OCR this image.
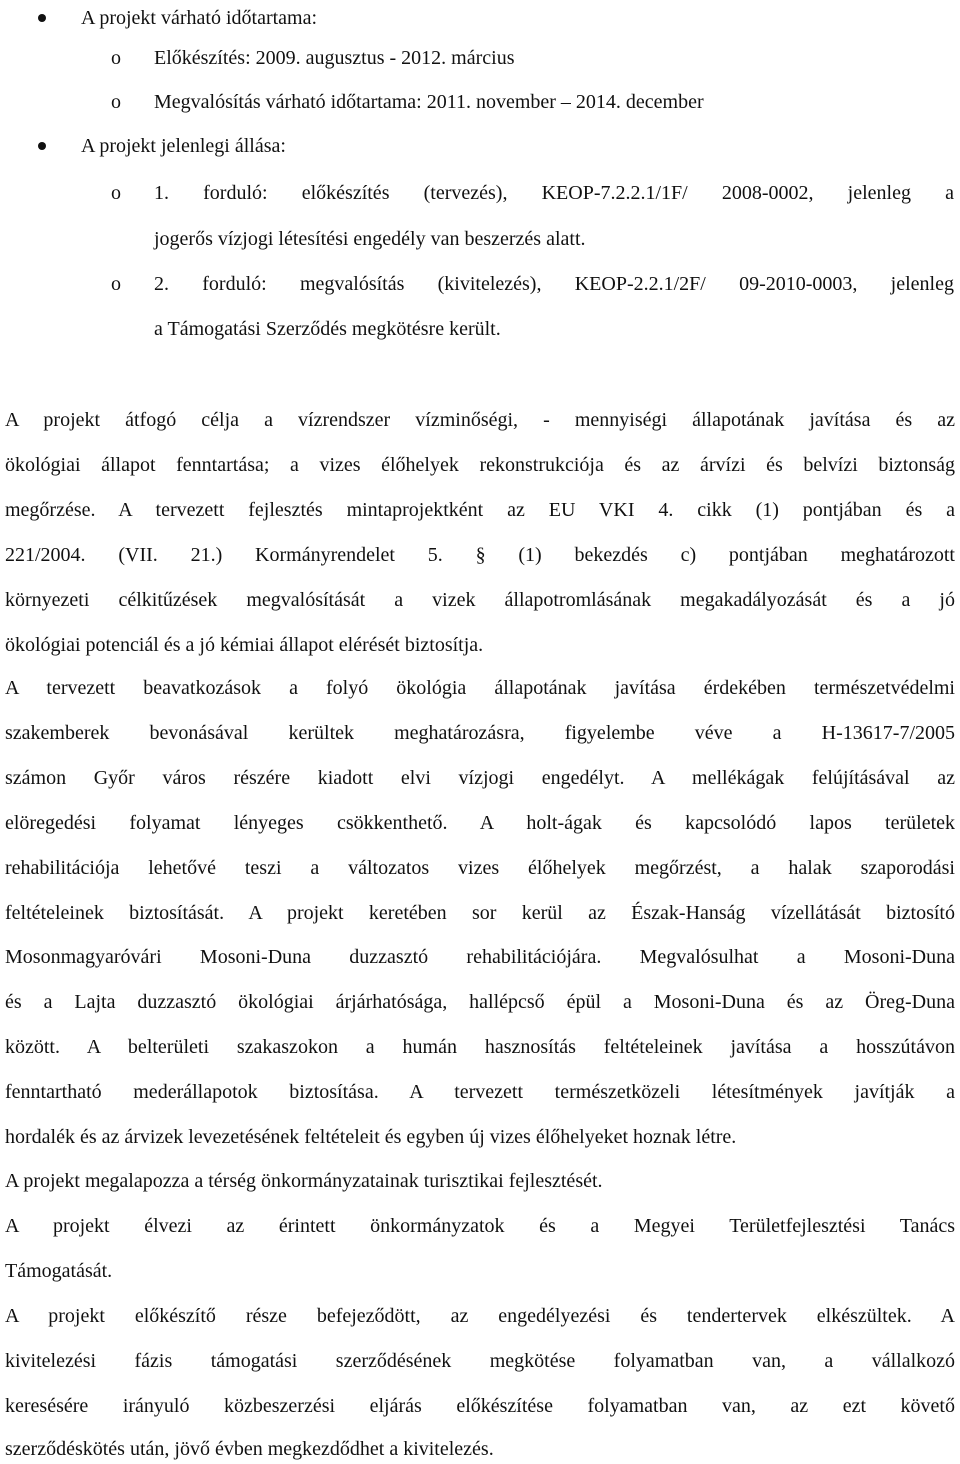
A projekt várható időtartama:
o Előkészítés: 2009. augusztus - 2012. március
o Megvalósítás várható időtartama: 2011. november – 2014. december
A projekt jelenlegi állása:
o 1. forduló: előkészítés (tervezés), KEOP-7.2.2.1/1F/ 2008-0002, jelenleg a
jogerős vízjogi létesítési engedély van beszerzés alatt.
o 2. forduló: megvalósítás (kivitelezés), KEOP-2.2.1/2F/ 09-2010-0003, jelenleg
a Támogatási Szerződés megkötésre került.
A projekt átfogó célja a vízrendszer vízminőségi, - mennyiségi állapotának javítása és az
ökológiai állapot fenntartása; a vizes élőhelyek rekonstrukciója és az árvízi és belvízi biztonság
megőrzése. A tervezett fejlesztés mintaprojektként az EU VKI 4. cikk (1) pontjában és a
221/2004. (VII. 21.) Kormányrendelet 5. § (1) bekezdés c) pontjában meghatározott
környezeti célkitűzések megvalósítását a vizek állapotromlásának megakadályozását és a jó
ökológiai potenciál és a jó kémiai állapot elérését biztosítja.
A tervezett beavatkozások a folyó ökológia állapotának javítása érdekében természetvédelmi
szakemberek bevonásával kerültek meghatározásra, figyelembe véve a H-13617-7/2005
számon Győr város részére kiadott elvi vízjogi engedélyt. A mellékágak felújításával az
elöregedési folyamat lényeges csökkenthető. A holt-ágak és kapcsolódó lapos területek
rehabilitációja lehetővé teszi a változatos vizes élőhelyek megőrzést, a halak szaporodási
feltételeinek biztosítását. A projekt keretében sor kerül az Észak-Hanság vízellátását biztosító
Mosonmagyaróvári Mosoni-Duna duzzasztó rehabilitációjára. Megvalósulhat a Mosoni-Duna
és a Lajta duzzasztó ökológiai árjárhatósága, hallépcső épül a Mosoni-Duna és az Öreg-Duna
között. A belterületi szakaszokon a humán hasznosítás feltételeinek javítása a hosszútávon
fenntartható mederállapotok biztosítása. A tervezett természetközeli létesítmények javítják a
hordalék és az árvizek levezetésének feltételeit és egyben új vizes élőhelyeket hoznak létre.
A projekt megalapozza a térség önkormányzatainak turisztikai fejlesztését.
A projekt élvezi az érintett önkormányzatok és a Megyei Területfejlesztési Tanács
Támogatását.
A projekt előkészítő része befejeződött, az engedélyezési és tendertervek elkészültek. A
kivitelezési fázis támogatási szerződésének megkötése folyamatban van, a vállalkozó
keresésére irányuló közbeszerzési eljárás előkészítése folyamatban van, az ezt követő
szerződéskötés után, jövő évben megkezdődhet a kivitelezés.
